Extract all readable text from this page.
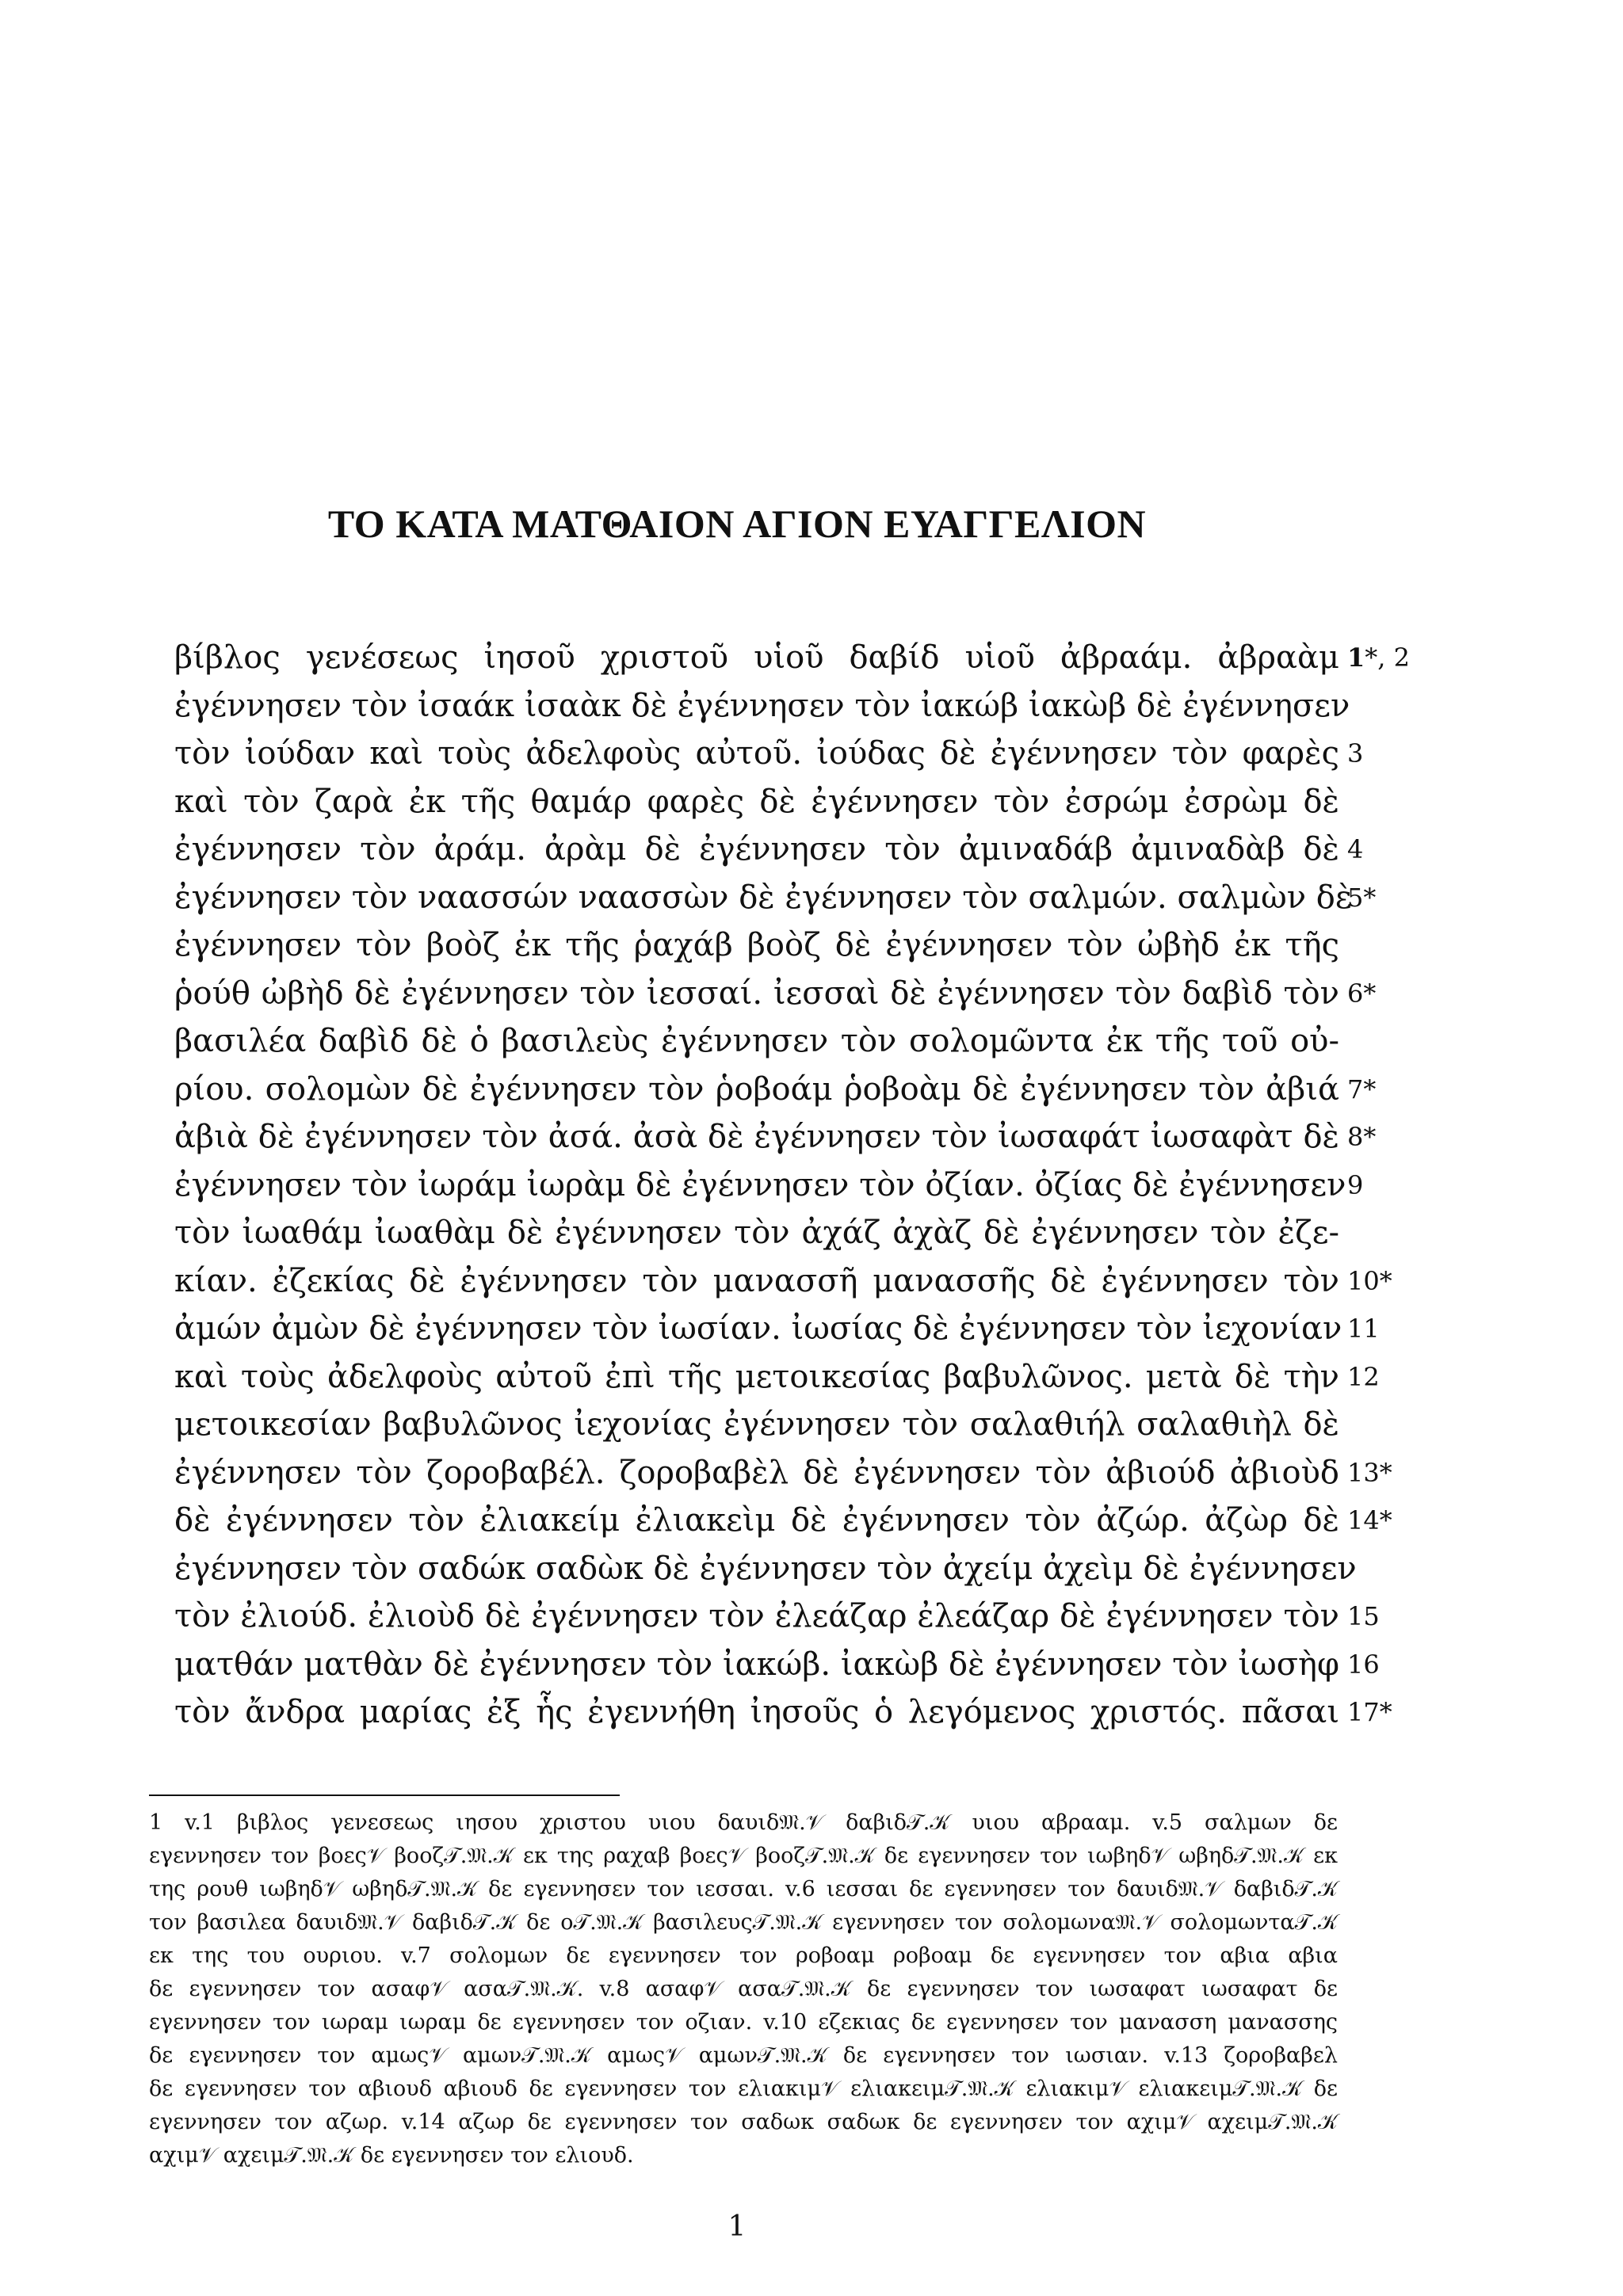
ΤΟ ΚΑΤΑ ΜΑΤΘΑΙΟΝ ΑΓΙΟΝ ΕΥΑΓΓΕΛΙΟΝ
βίβλος γενέσεως ἰησοῦ χριστοῦ υἱοῦ δαβίδ υἱοῦ ἀβραάμ. ἀβραὰμ
ἐγέννησεν τὸν ἰσαάκ ἰσαὰκ δὲ ἐγέννησεν τὸν ἰακώβ ἰακὼβ δὲ ἐγέννησεν
τὸν ἰούδαν καὶ τοὺς ἀδελφοὺς αὐτοῦ. ἰούδας δὲ ἐγέννησεν τὸν φαρὲς
καὶ τὸν ζαρὰ ἐκ τῆς θαμάρ φαρὲς δὲ ἐγέννησεν τὸν ἐσρώμ ἐσρὼμ δὲ
ἐγέννησεν τὸν ἀράμ. ἀρὰμ δὲ ἐγέννησεν τὸν ἀμιναδάβ ἀμιναδὰβ δὲ
ἐγέννησεν τὸν ναασσών ναασσὼν δὲ ἐγέννησεν τὸν σαλμών. σαλμὼν δὲ
ἐγέννησεν τὸν βοὸζ ἐκ τῆς ῥαχάβ βοὸζ δὲ ἐγέννησεν τὸν ὠβὴδ ἐκ τῆς
ῥούθ ὠβὴδ δὲ ἐγέννησεν τὸν ἰεσσαί. ἰεσσαὶ δὲ ἐγέννησεν τὸν δαβὶδ τὸν
βασιλέα δαβὶδ δὲ ὁ βασιλεὺς ἐγέννησεν τὸν σολομῶντα ἐκ τῆς τοῦ οὐ-
ρίου. σολομὼν δὲ ἐγέννησεν τὸν ῥοβοάμ ῥοβοὰμ δὲ ἐγέννησεν τὸν ἀβιά
ἀβιὰ δὲ ἐγέννησεν τὸν ἀσά. ἀσὰ δὲ ἐγέννησεν τὸν ἰωσαφάτ ἰωσαφὰτ δὲ
ἐγέννησεν τὸν ἰωράμ ἰωρὰμ δὲ ἐγέννησεν τὸν ὀζίαν. ὀζίας δὲ ἐγέννησεν
τὸν ἰωαθάμ ἰωαθὰμ δὲ ἐγέννησεν τὸν ἀχάζ ἀχὰζ δὲ ἐγέννησεν τὸν ἐζε-
κίαν. ἐζεκίας δὲ ἐγέννησεν τὸν μανασσῆ μανασσῆς δὲ ἐγέννησεν τὸν
ἀμών ἀμὼν δὲ ἐγέννησεν τὸν ἰωσίαν. ἰωσίας δὲ ἐγέννησεν τὸν ἰεχονίαν
καὶ τοὺς ἀδελφοὺς αὐτοῦ ἐπὶ τῆς μετοικεσίας βαβυλῶνος. μετὰ δὲ τὴν
μετοικεσίαν βαβυλῶνος ἰεχονίας ἐγέννησεν τὸν σαλαθιήλ σαλαθιὴλ δὲ
ἐγέννησεν τὸν ζοροβαβέλ. ζοροβαβὲλ δὲ ἐγέννησεν τὸν ἀβιούδ ἀβιοὺδ
δὲ ἐγέννησεν τὸν ἐλιακείμ ἐλιακεὶμ δὲ ἐγέννησεν τὸν ἀζώρ. ἀζὼρ δὲ
ἐγέννησεν τὸν σαδώκ σαδὼκ δὲ ἐγέννησεν τὸν ἀχείμ ἀχεὶμ δὲ ἐγέννησεν
τὸν ἐλιούδ. ἐλιοὺδ δὲ ἐγέννησεν τὸν ἐλεάζαρ ἐλεάζαρ δὲ ἐγέννησεν τὸν
ματθάν ματθὰν δὲ ἐγέννησεν τὸν ἰακώβ. ἰακὼβ δὲ ἐγέννησεν τὸν ἰωσὴφ
τὸν ἄνδρα μαρίας ἐξ ἧς ἐγεννήθη ἰησοῦς ὁ λεγόμενος χριστός. πᾶσαι
1*, 2
3
4
5*
6*
7*
8*
9
10*
11
12
13*
14*
15
16
17*
1 v.1 βιβλος γενεσεως ιησου χριστου υιου δαυιδ𝔐.𝒱 δαβιδ𝒯.𝒦 υιου αβρααμ. v.5 σαλμων δε
εγεννησεν τον βοες𝒱 βοοζ𝒯.𝔐.𝒦 εκ της ραχαβ βοες𝒱 βοοζ𝒯.𝔐.𝒦 δε εγεννησεν τον ιωβηδ𝒱 ωβηδ𝒯.𝔐.𝒦 εκ
της ρουθ ιωβηδ𝒱 ωβηδ𝒯.𝔐.𝒦 δε εγεννησεν τον ιεσσαι. v.6 ιεσσαι δε εγεννησεν τον δαυιδ𝔐.𝒱 δαβιδ𝒯.𝒦
τον βασιλεα δαυιδ𝔐.𝒱 δαβιδ𝒯.𝒦 δε ο𝒯.𝔐.𝒦 βασιλευς𝒯.𝔐.𝒦 εγεννησεν τον σολομωνα𝔐.𝒱 σολομωντα𝒯.𝒦
εκ της του ουριου. v.7 σολομων δε εγεννησεν τον ροβοαμ ροβοαμ δε εγεννησεν τον αβια αβια
δε εγεννησεν τον ασαφ𝒱 ασα𝒯.𝔐.𝒦. v.8 ασαφ𝒱 ασα𝒯.𝔐.𝒦 δε εγεννησεν τον ιωσαφατ ιωσαφατ δε
εγεννησεν τον ιωραμ ιωραμ δε εγεννησεν τον οζιαν. v.10 εζεκιας δε εγεννησεν τον μανασση μανασσης
δε εγεννησεν τον αμως𝒱 αμων𝒯.𝔐.𝒦 αμως𝒱 αμων𝒯.𝔐.𝒦 δε εγεννησεν τον ιωσιαν. v.13 ζοροβαβελ
δε εγεννησεν τον αβιουδ αβιουδ δε εγεννησεν τον ελιακιμ𝒱 ελιακειμ𝒯.𝔐.𝒦 ελιακιμ𝒱 ελιακειμ𝒯.𝔐.𝒦 δε
εγεννησεν τον αζωρ. v.14 αζωρ δε εγεννησεν τον σαδωκ σαδωκ δε εγεννησεν τον αχιμ𝒱 αχειμ𝒯.𝔐.𝒦
αχιμ𝒱 αχειμ𝒯.𝔐.𝒦 δε εγεννησεν τον ελιουδ.
1
